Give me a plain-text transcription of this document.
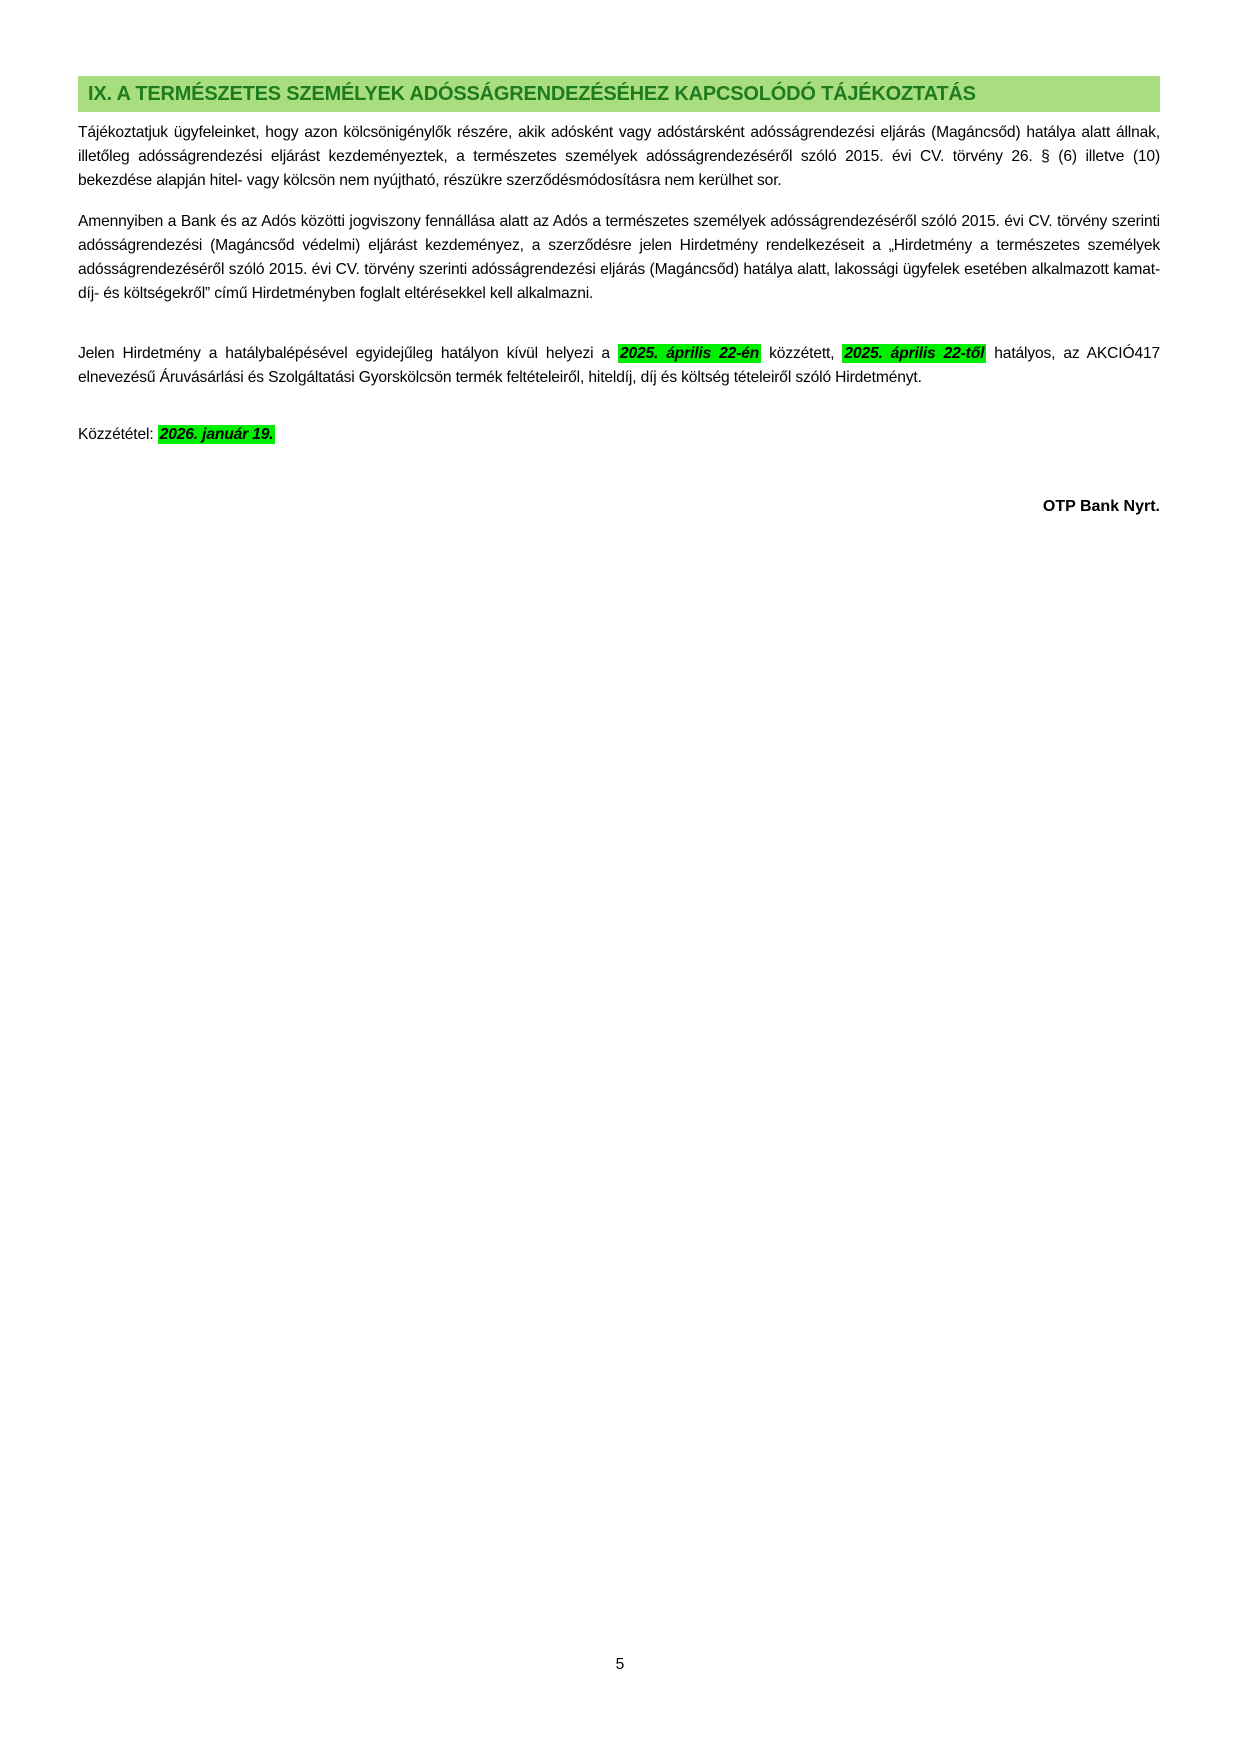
IX. A TERMÉSZETES SZEMÉLYEK ADÓSSÁGRENDEZÉSÉHEZ KAPCSOLÓDÓ TÁJÉKOZTATÁS

Tájékoztatjuk ügyfeleinket, hogy azon kölcsönigénylők részére, akik adósként vagy adóstársként adósságrendezési eljárás (Magáncsőd) hatálya alatt állnak, illetőleg adósságrendezési eljárást kezdeményeztek, a természetes személyek adósságrendezéséről szóló 2015. évi CV. törvény 26. § (6) illetve (10) bekezdése alapján hitel- vagy kölcsön nem nyújtható, részükre szerződésmódosításra nem kerülhet sor.

Amennyiben a Bank és az Adós közötti jogviszony fennállása alatt az Adós a természetes személyek adósságrendezéséről szóló 2015. évi CV. törvény szerinti adósságrendezési (Magáncsőd védelmi) eljárást kezdeményez, a szerződésre jelen Hirdetmény rendelkezéseit a „Hirdetmény a természetes személyek adósságrendezéséről szóló 2015. évi CV. törvény szerinti adósságrendezési eljárás (Magáncsőd) hatálya alatt, lakossági ügyfelek esetében alkalmazott kamat- díj- és költségekről” című Hirdetményben foglalt eltérésekkel kell alkalmazni.

Jelen Hirdetmény a hatálybalépésével egyidejűleg hatályon kívül helyezi a 2025. április 22-én közzétett, 2025. április 22-től hatályos, az AKCIÓ417 elnevezésű Áruvásárlási és Szolgáltatási Gyorskölcsön termék feltételeiről, hiteldíj, díj és költség tételeiről szóló Hirdetményt.

Közzététel: 2026. január 19.

OTP Bank Nyrt.

5
